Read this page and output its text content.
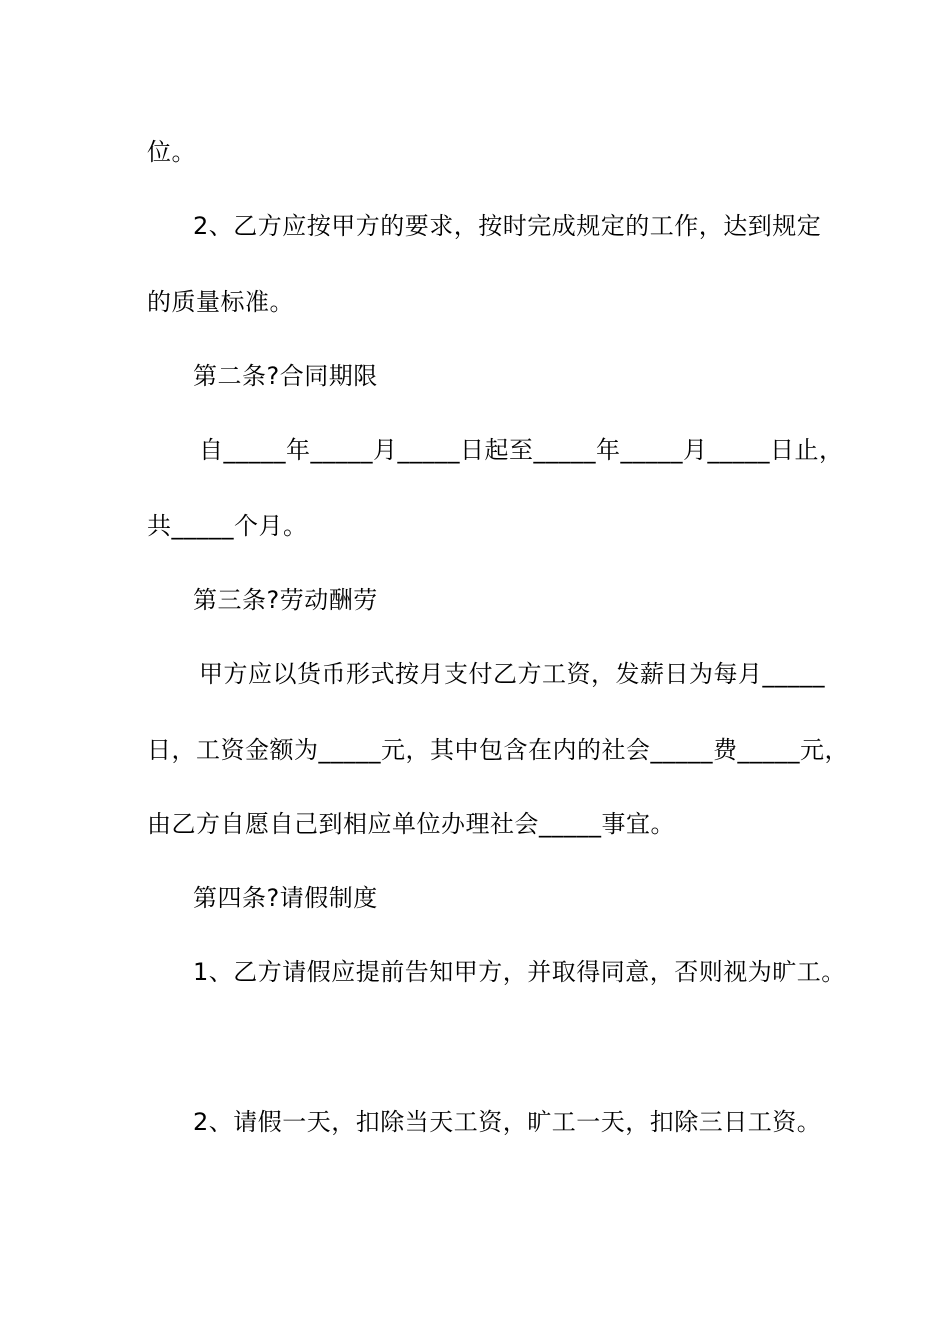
位。
2、乙方应按甲方的要求，按时完成规定的工作，达到规定
的质量标准。
第二条?合同期限
自_____年_____月_____日起至_____年_____月_____日止，
共_____个月。
第三条?劳动酬劳
甲方应以货币形式按月支付乙方工资，发薪日为每月_____
日，工资金额为_____元，其中包含在内的社会_____费_____元，
由乙方自愿自己到相应单位办理社会_____事宜。
第四条?请假制度
1、乙方请假应提前告知甲方，并取得同意，否则视为旷工。
2、请假一天，扣除当天工资，旷工一天，扣除三日工资。
